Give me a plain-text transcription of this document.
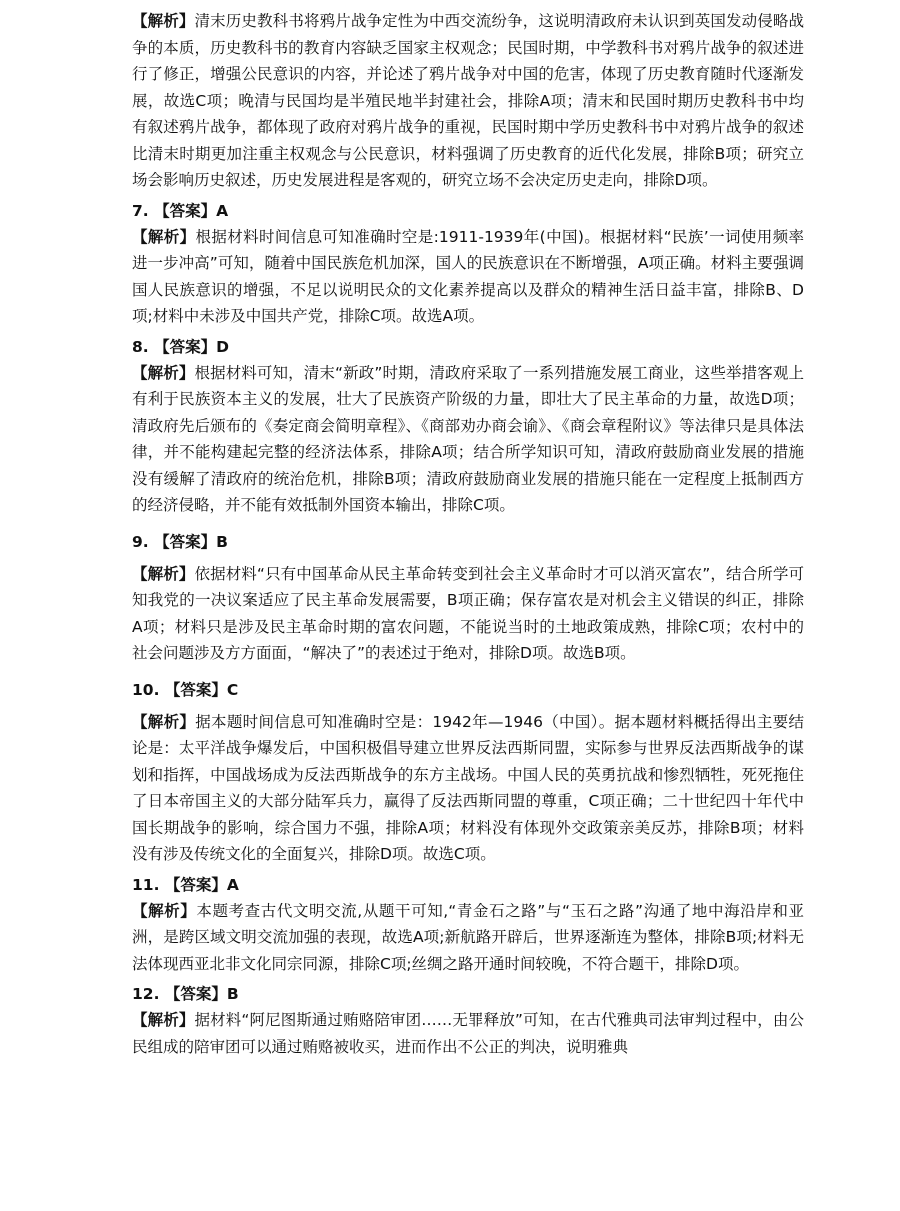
【解析】清末历史教科书将鸦片战争定性为中西交流纷争，这说明清政府未认识到英国发动侵略战争的本质，历史教科书的教育内容缺乏国家主权观念；民国时期，中学教科书对鸦片战争的叙述进行了修正，增强公民意识的内容，并论述了鸦片战争对中国的危害，体现了历史教育随时代逐渐发展，故选C项；晚清与民国均是半殖民地半封建社会，排除A项；清末和民国时期历史教科书中均有叙述鸦片战争，都体现了政府对鸦片战争的重视，民国时期中学历史教科书中对鸦片战争的叙述比清末时期更加注重主权观念与公民意识，材料强调了历史教育的近代化发展，排除B项；研究立场会影响历史叙述，历史发展进程是客观的，研究立场不会决定历史走向，排除D项。
7. 【答案】A
【解析】根据材料时间信息可知准确时空是:1911-1939年(中国)。根据材料“民族’一词使用频率进一步冲高”可知，随着中国民族危机加深，国人的民族意识在不断增强，A项正确。材料主要强调国人民族意识的增强，不足以说明民众的文化素养提高以及群众的精神生活日益丰富，排除B、D项;材料中未涉及中国共产党，排除C项。故选A项。
8. 【答案】D
【解析】根据材料可知，清末“新政”时期，清政府采取了一系列措施发展工商业，这些举措客观上有利于民族资本主义的发展，壮大了民族资产阶级的力量，即壮大了民主革命的力量，故选D项；清政府先后颁布的《奏定商会简明章程》、《商部劝办商会谕》、《商会章程附议》等法律只是具体法律，并不能构建起完整的经济法体系，排除A项；结合所学知识可知，清政府鼓励商业发展的措施没有缓解了清政府的统治危机，排除B项；清政府鼓励商业发展的措施只能在一定程度上抵制西方的经济侵略，并不能有效抵制外国资本输出，排除C项。
9. 【答案】B
【解析】依据材料“只有中国革命从民主革命转变到社会主义革命时才可以消灭富农”，结合所学可知我党的一决议案适应了民主革命发展需要，B项正确；保存富农是对机会主义错误的纠正，排除A项；材料只是涉及民主革命时期的富农问题，不能说当时的土地政策成熟，排除C项；农村中的社会问题涉及方方面面，“解决了”的表述过于绝对，排除D项。故选B项。
10. 【答案】C
【解析】据本题时间信息可知准确时空是：1942年—1946（中国）。据本题材料概括得出主要结论是：太平洋战争爆发后，中国积极倡导建立世界反法西斯同盟，实际参与世界反法西斯战争的谋划和指挥，中国战场成为反法西斯战争的东方主战场。中国人民的英勇抗战和惨烈牺牲，死死拖住了日本帝国主义的大部分陆军兵力，赢得了反法西斯同盟的尊重，C项正确；二十世纪四十年代中国长期战争的影响，综合国力不强，排除A项；材料没有体现外交政策亲美反苏，排除B项；材料没有涉及传统文化的全面复兴，排除D项。故选C项。
11. 【答案】A
【解析】本题考查古代文明交流,从题干可知,“青金石之路”与“玉石之路”沟通了地中海沿岸和亚洲，是跨区域文明交流加强的表现，故选A项;新航路开辟后，世界逐渐连为整体，排除B项;材料无法体现西亚北非文化同宗同源，排除C项;丝绸之路开通时间较晚，不符合题干，排除D项。
12. 【答案】B
【解析】据材料“阿尼图斯通过贿赂陪审团……无罪释放”可知，在古代雅典司法审判过程中，由公民组成的陪审团可以通过贿赂被收买，进而作出不公正的判决，说明雅典
